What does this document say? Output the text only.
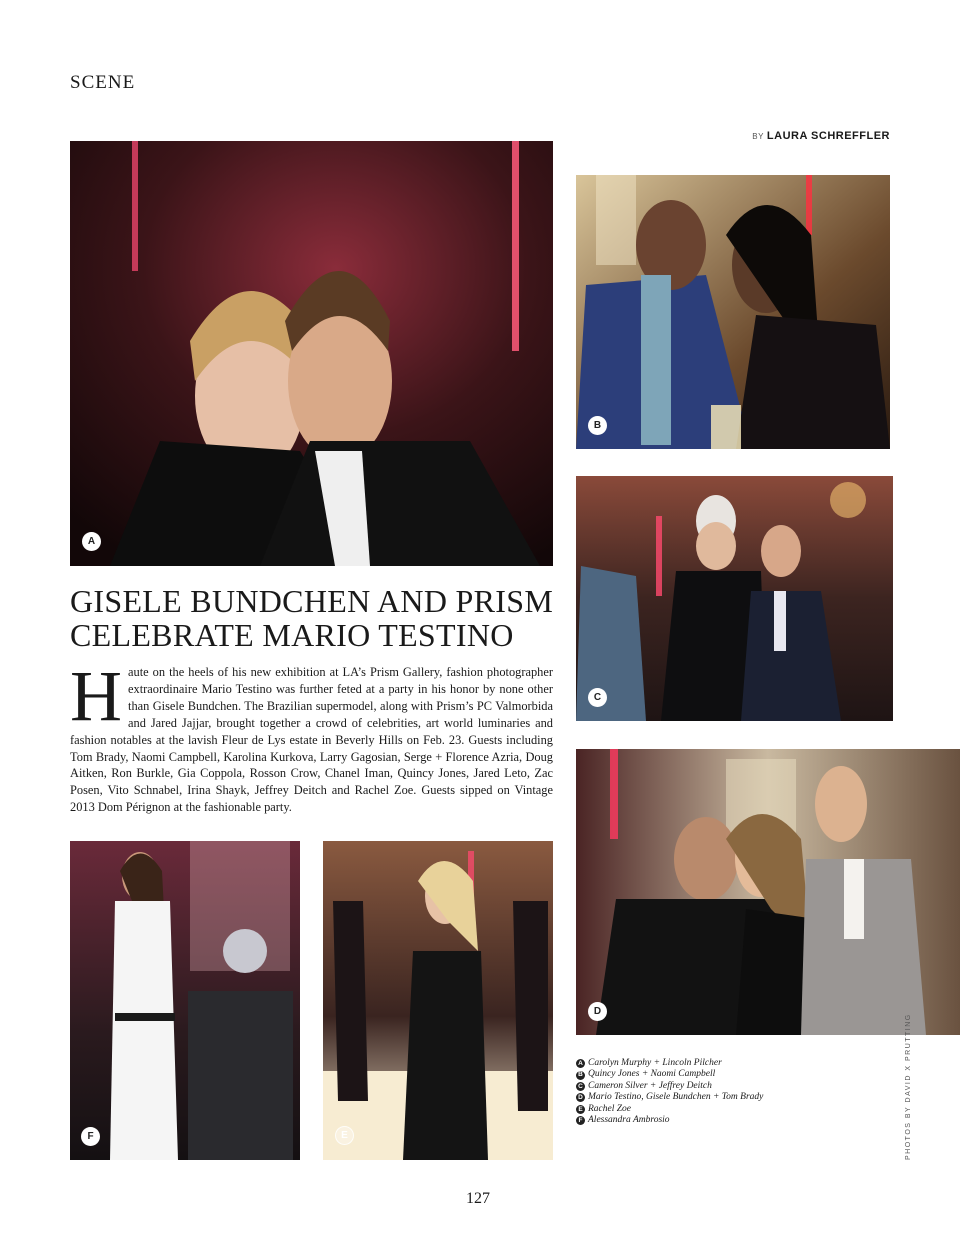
SCENE
BY LAURA SCHREFFLER
A
B
C
D
F	E
GISELE BUNDCHEN AND PRISM
CELEBRATE MARIO TESTINO

Haute on the heels of his new exhibition at LA’s Prism Gallery, fashion photographer extraordinaire Mario Testino was further feted at a party in his honor by none other than Gisele Bundchen. The Brazilian supermodel, along with Prism’s PC Valmorbida and Jared Jajjar, brought together a crowd of celebrities, art world luminaries and fashion notables at the lavish Fleur de Lys estate in Beverly Hills on Feb. 23. Guests including Tom Brady, Naomi Campbell, Karolina Kurkova, Larry Gagosian, Serge + Florence Azria, Doug Aitken, Ron Burkle, Gia Coppola, Rosson Crow, Chanel Iman, Quincy Jones, Jared Leto, Zac Posen, Vito Schnabel, Irina Shayk, Jeffrey Deitch and Rachel Zoe. Guests sipped on Vintage 2013 Dom Pérignon at the fashionable party.

A Carolyn Murphy + Lincoln Pilcher
B Quincy Jones + Naomi Campbell
C Cameron Silver + Jeffrey Deitch
D Mario Testino, Gisele Bundchen + Tom Brady
E Rachel Zoe
F Alessandra Ambrosio	PHOTOS BY DAVID X PRUTTING
127
